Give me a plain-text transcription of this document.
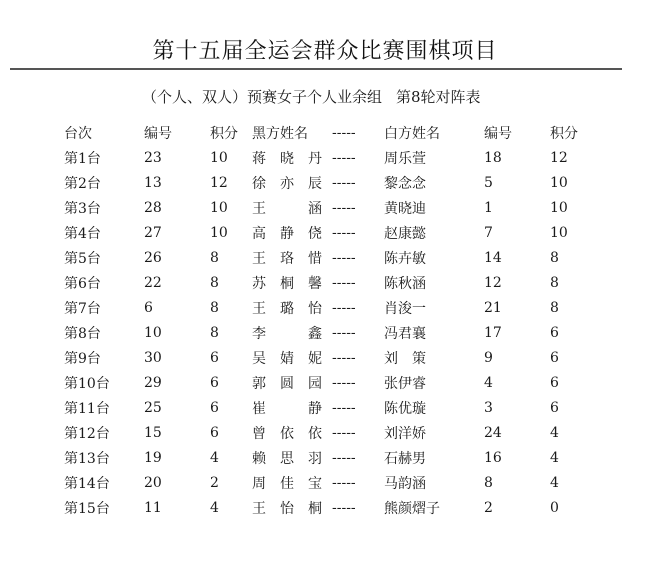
第十五届全运会群众比赛围棋项目
（个人、双人）预赛女子个人业余组 第8轮对阵表
台次	编号	积分	黑方姓名	-----	白方姓名	编号	积分
第1台	23	10	蒋晓丹	-----	周乐萱	18	12
第2台	13	12	徐亦辰	-----	黎念念	5	10
第3台	28	10	王　涵	-----	黄晓迪	1	10
第4台	27	10	高静侥	-----	赵康懿	7	10
第5台	26	8	王珞惜	-----	陈卉敏	14	8
第6台	22	8	苏桐馨	-----	陈秋涵	12	8
第7台	6	8	王璐怡	-----	肖浚一	21	8
第8台	10	8	李　鑫	-----	冯君襄	17	6
第9台	30	6	吴婧妮	-----	刘　策	9	6
第10台	29	6	郭圆园	-----	张伊睿	4	6
第11台	25	6	崔　静	-----	陈优璇	3	6
第12台	15	6	曾依依	-----	刘洋娇	24	4
第13台	19	4	赖思羽	-----	石赫男	16	4
第14台	20	2	周佳宝	-----	马韵涵	8	4
第15台	11	4	王怡桐	-----	熊颜熠子	2	0
